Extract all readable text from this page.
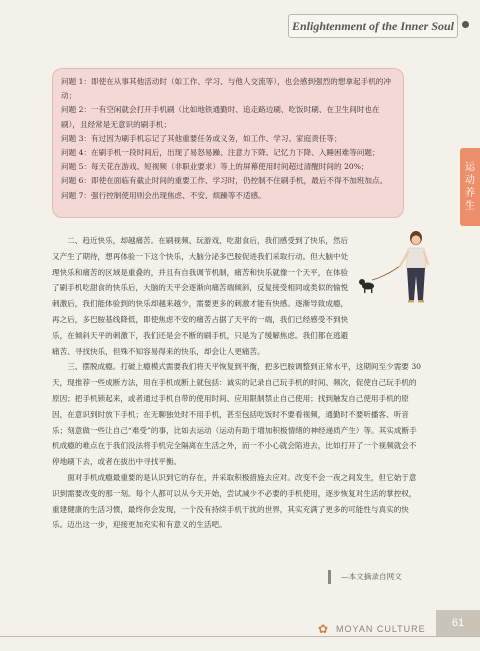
Enlightenment of the Inner Soul

问题 1：即使在从事其他活动时（如工作、学习、与他人交流等），也会感到强烈的想拿起手机的冲动；

问题 2：一有空闲就会打开手机刷（比如地铁通勤时、追走路边刷、吃饭时刷、在卫生间时也在刷），且经常是无意识的刷手机；

问题 3：有过因为刷手机忘记了其他重要任务或义务，如工作、学习、家庭责任等；

问题 4：在刷手机一段时间后，出现了易怒易躁、注意力下降、记忆力下降、入睡困难等问题；

问题 5：每天花在游戏、短视频（非职业要求）等上的屏幕使用时间超过清醒时间的 20%；

问题 6：即使在面临有截止时间的重要工作、学习时，仍控制不住刷手机，最后不得不加班加点。

问题 7：强行控制使用则会出现焦虑、不安、烦躁等不适感。

运
动
养
生

二、趋近快乐，却越痛苦。在刷视频、玩游戏、吃甜食后，我们感受到了快乐，然后又产生了期待，想再体验一下这个快乐，大脑分泌多巴胺促进我们采取行动。但大脑中处理快乐和痛苦的区域是重叠的，并且有自我调节机制，痛苦和快乐就像一个天平，在体验了刷手机吃甜食的快乐后，大脑的天平会逐渐向痛苦端倾斜，反复接受相同或类似的愉悦刺激后，我们能体验到的快乐却越来越少，需要更多的刺激才能有快感。逐渐导致成瘾，再之后，多巴胺基线降低，即使焦虑不安的痛苦占据了天平的一端，我们已经感受不到快乐，在倾斜天平的刺激下，我们还是会不断的刷手机，只是为了缓解焦虑。我们都在逃避痛苦、寻找快乐，但殊不知容易得来的快乐，却会让人更痛苦。

三、摆脱成瘾。打破上瘾模式需要我们将天平恢复到平衡，把多巴胺调整到正常水平，这期间至少需要 30 天，现推荐一些成断方法，用在手机成断上就包括：诚实的记录自己玩手机的时间、频次，促使自己玩手机的原因；把手机锁起来，或者通过手机自带的使用时间、应用限制禁止自己使用；找到触发自己使用手机的原因，在意识到时放下手机；在无聊独处时不用手机，甚至包括吃饭时不要看视频，通勤时不要听播客、听音乐；刻意做一些让自己“难受”的事，比如去运动（运动有助于增加积极情绪的神经递质产生）等。其实成断手机成瘾的难点在于我们没法将手机完全隔离在生活之外，而一不小心就会陷进去，比如打开了一个视频就会不停地刷下去，或者在拔出中寻找平衡。

面对手机成瘾最重要的是认识到它的存在，并采取积极措施去应对。改变不会一夜之间发生，但它始于意识到需要改变的那一刻。每个人都可以从今天开始，尝试减少不必要的手机使用，逐步恢复对生活的掌控权，重建健康的生活习惯，最终你会发现，一个没有持续手机干扰的世界，其实充满了更多的可能性与真实的快乐。迈出这一步，迎接更加充实和有意义的生活吧。

—本文摘录自网文
✿ MOYAN CULTURE	61
